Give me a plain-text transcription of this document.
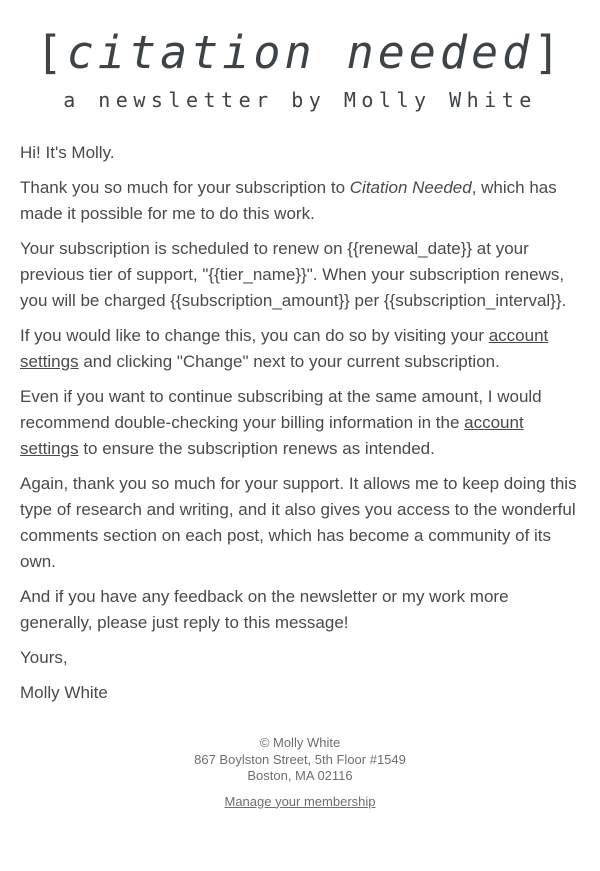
[citation needed]
a newsletter by Molly White

Hi! It's Molly.

Thank you so much for your subscription to Citation Needed, which has made it possible for me to do this work.

Your subscription is scheduled to renew on {{renewal_date}} at your previous tier of support, "{{tier_name}}". When your subscription renews, you will be charged {{subscription_amount}} per {{subscription_interval}}.

If you would like to change this, you can do so by visiting your account settings and clicking "Change" next to your current subscription.

Even if you want to continue subscribing at the same amount, I would recommend double-checking your billing information in the account settings to ensure the subscription renews as intended.

Again, thank you so much for your support. It allows me to keep doing this type of research and writing, and it also gives you access to the wonderful comments section on each post, which has become a community of its own.

And if you have any feedback on the newsletter or my work more generally, please just reply to this message!

Yours,

Molly White

© Molly White
867 Boylston Street, 5th Floor #1549
Boston, MA 02116

Manage your membership
